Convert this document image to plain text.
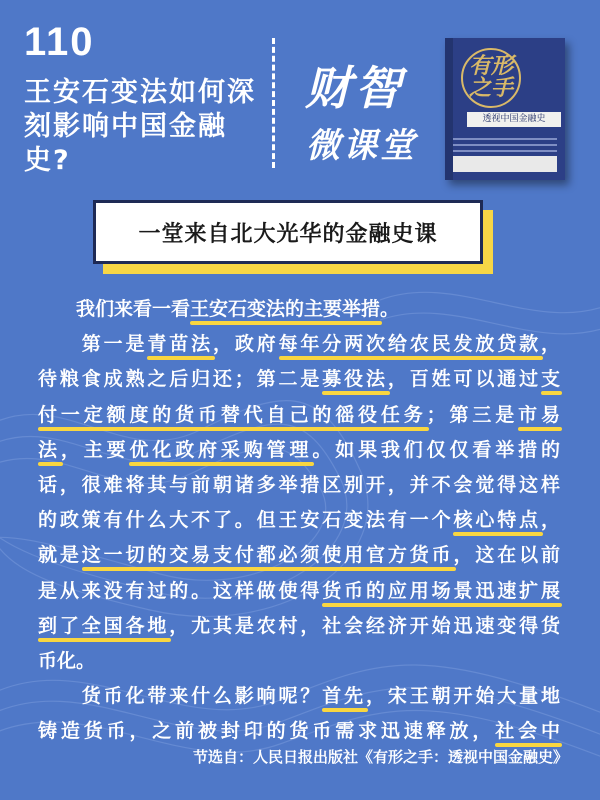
110
王安石变法如何深
刻影响中国金融
史?
财智
微课堂
有形之手
透视中国金融史
一堂来自北大光华的金融史课
　　我们来看一看王安石变法的主要举措。
　　第一是青苗法，政府每年分两次给农民发放贷款，
待粮食成熟之后归还；第二是募役法，百姓可以通过支
付一定额度的货币替代自己的徭役任务；第三是市易
法，主要优化政府采购管理。如果我们仅仅看举措的
话，很难将其与前朝诸多举措区别开，并不会觉得这样
的政策有什么大不了。但王安石变法有一个核心特点，
就是这一切的交易支付都必须使用官方货币，这在以前
是从来没有过的。这样做使得货币的应用场景迅速扩展
到了全国各地，尤其是农村，社会经济开始迅速变得货
币化。
　　货币化带来什么影响呢？首先，宋王朝开始大量地
铸造货币，之前被封印的货币需求迅速释放，社会中
节选自：人民日报出版社《有形之手：透视中国金融史》
